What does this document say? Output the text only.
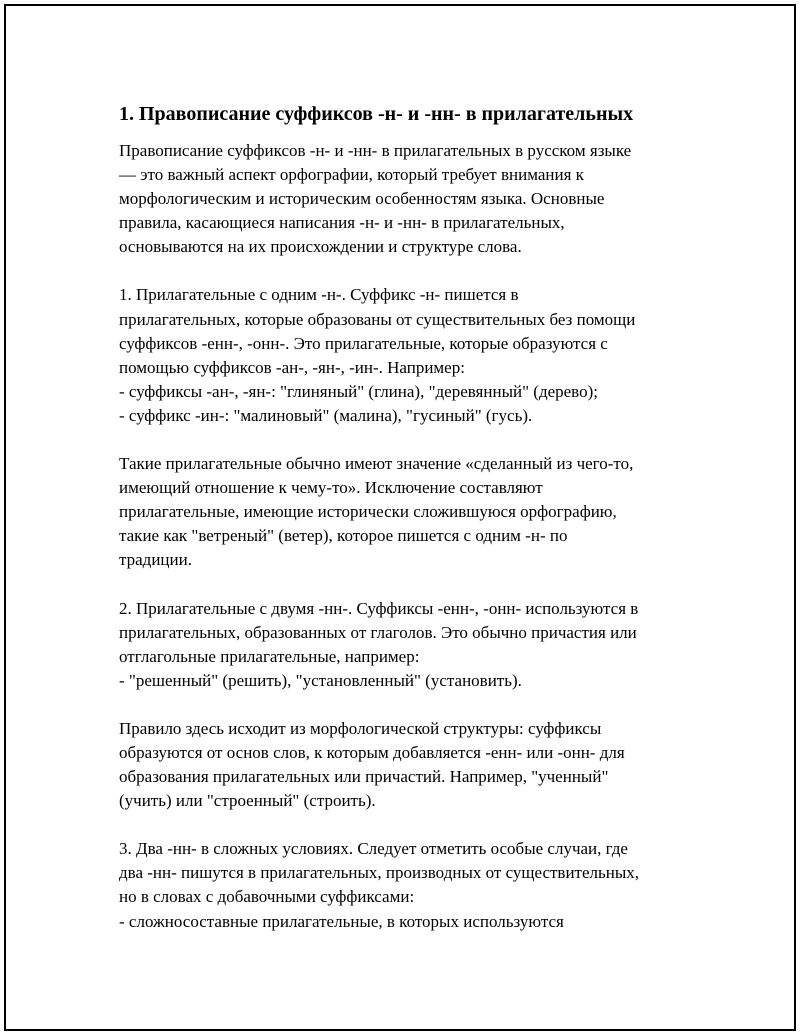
1. Правописание суффиксов -н- и -нн- в прилагательных

Правописание суффиксов -н- и -нн- в прилагательных в русском языке
— это важный аспект орфографии, который требует внимания к
морфологическим и историческим особенностям языка. Основные
правила, касающиеся написания -н- и -нн- в прилагательных,
основываются на их происхождении и структуре слова.

1. Прилагательные с одним -н-. Суффикс -н- пишется в
прилагательных, которые образованы от существительных без помощи
суффиксов -енн-, -онн-. Это прилагательные, которые образуются с
помощью суффиксов -ан-, -ян-, -ин-. Например:
- суффиксы -ан-, -ян-: "глиняный" (глина), "деревянный" (дерево);
- суффикс -ин-: "малиновый" (малина), "гусиный" (гусь).

Такие прилагательные обычно имеют значение «сделанный из чего-то,
имеющий отношение к чему-то». Исключение составляют
прилагательные, имеющие исторически сложившуюся орфографию,
такие как "ветреный" (ветер), которое пишется с одним -н- по
традиции.

2. Прилагательные с двумя -нн-. Суффиксы -енн-, -онн- используются в
прилагательных, образованных от глаголов. Это обычно причастия или
отглагольные прилагательные, например:
- "решенный" (решить), "установленный" (установить).

Правило здесь исходит из морфологической структуры: суффиксы
образуются от основ слов, к которым добавляется -енн- или -онн- для
образования прилагательных или причастий. Например, "ученный"
(учить) или "строенный" (строить).

3. Два -нн- в сложных условиях. Следует отметить особые случаи, где
два -нн- пишутся в прилагательных, производных от существительных,
но в словах с добавочными суффиксами:
- сложносоставные прилагательные, в которых используются
